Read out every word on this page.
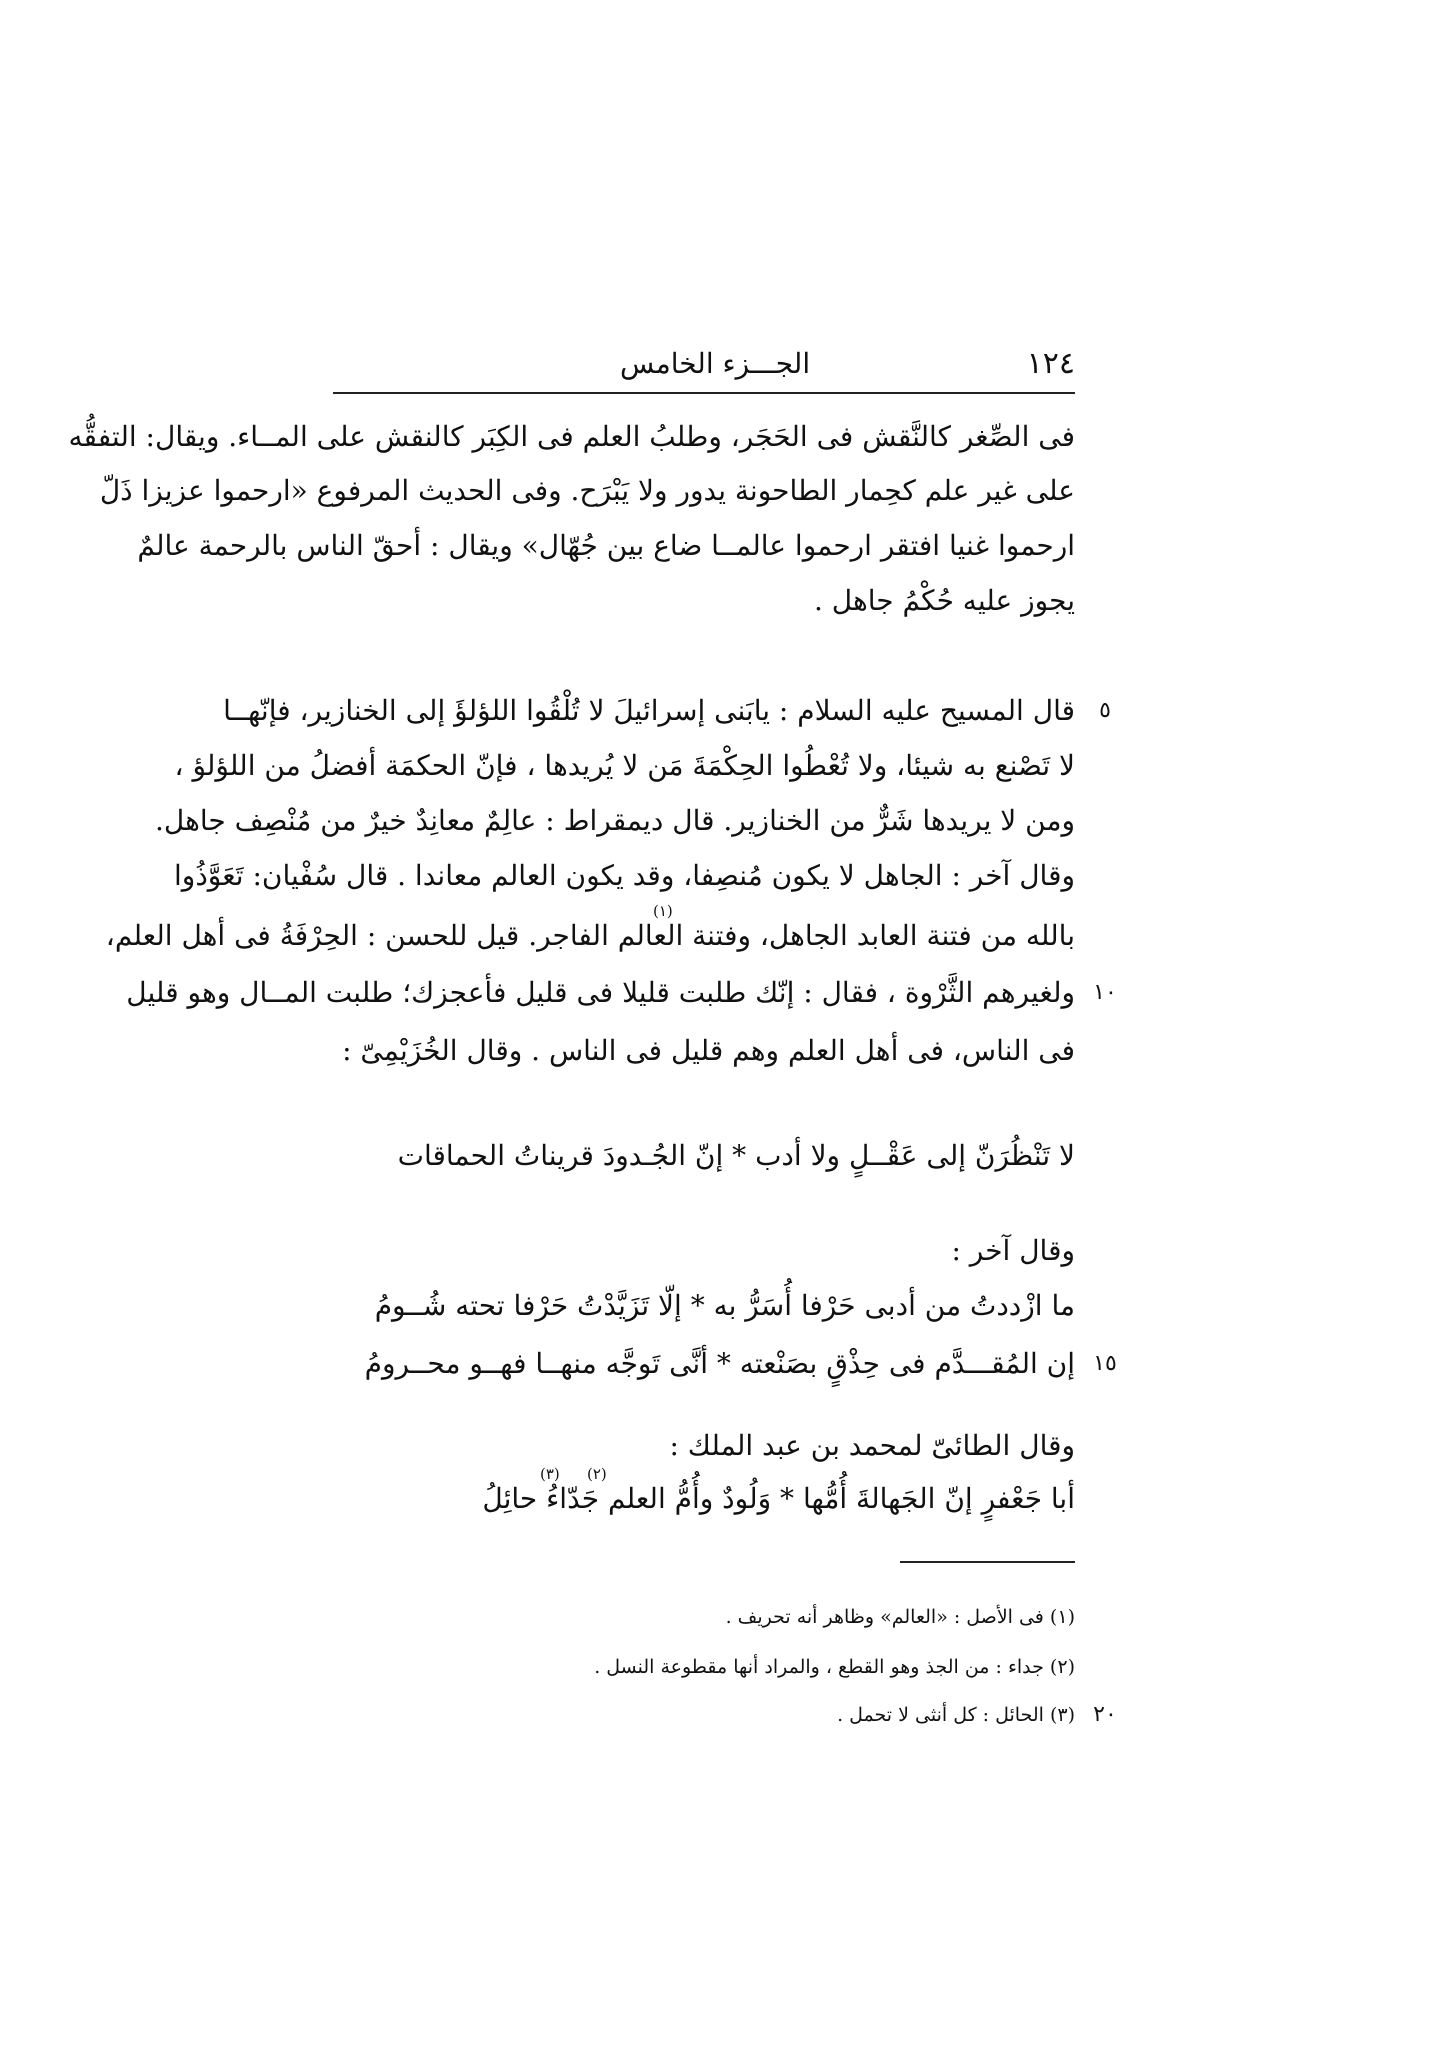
١٢٤
الجـــزء الخامس
فى الصِّغر كالنَّقش فى الحَجَر، وطلبُ العلم فى الكِبَر كالنقش على المــاء. ويقال: التفقُّه
على غير علم كحِمار الطاحونة يدور ولا يَبْرَح. وفى الحديث المرفوع «ارحموا عزيزا ذَلّ
ارحموا غنيا افتقر ارحموا عالمــا ضاع بين جُهّال» ويقال : أحقّ الناس بالرحمة عالمٌ
يجوز عليه حُكْمُ جاهل .
قال المسيح عليه السلام : يابَنى إسرائيلَ لا تُلْقُوا اللؤلؤَ إلى الخنازير، فإنّهــا	٥
لا تَصْنع به شيئا، ولا تُعْطُوا الحِكْمَةَ مَن لا يُريدها ، فإنّ الحكمَة أفضلُ من اللؤلؤ ،
ومن لا يريدها شَرٌّ من الخنازير. قال ديمقراط : عالِمٌ معانِدٌ خيرٌ من مُنْصِف جاهل.
وقال آخر : الجاهل لا يكون مُنصِفا، وقد يكون العالم معاندا . قال سُفْيان: تَعَوَّذُوا
(١)
بالله من فتنة العابد الجاهل، وفتنة العالم الفاجر. قيل للحسن : الحِرْفَةُ فى أهل العلم،
ولغيرهم الثَّرْوة ، فقال : إنّك طلبت قليلا فى قليل فأعجزك؛ طلبت المــال وهو قليل ١٠
فى الناس، فى أهل العلم وهم قليل فى الناس . وقال الخُزَيْمِىّ :
لا تَنْظُرَنّ إلى عَقْــلٍ ولا أدب * إنّ الجُـدودَ قريناتُ الحماقات
وقال آخر :
ما ازْددتُ من أدبى حَرْفا أُسَرُّ به * إلّا تَزَيَّدْتُ حَرْفا تحته شُــومُ
إن المُقـــدَّم فى حِذْقٍ بصَنْعته * أنَّى تَوجَّه منهــا فهــو محــرومُ ١٥
وقال الطائىّ لمحمد بن عبد الملك :
(٢)
(٣)
أبا جَعْفرٍ إنّ الجَهالةَ أُمُّها * وَلُودٌ وأُمُّ العلم جَدّاءُ حائِلُ
(١) فى الأصل : «العالم» وظاهر أنه تحريف .
(٢) جداء : من الجذ وهو القطع ، والمراد أنها مقطوعة النسل .
(٣) الحائل : كل أنثى لا تحمل . ٢٠
